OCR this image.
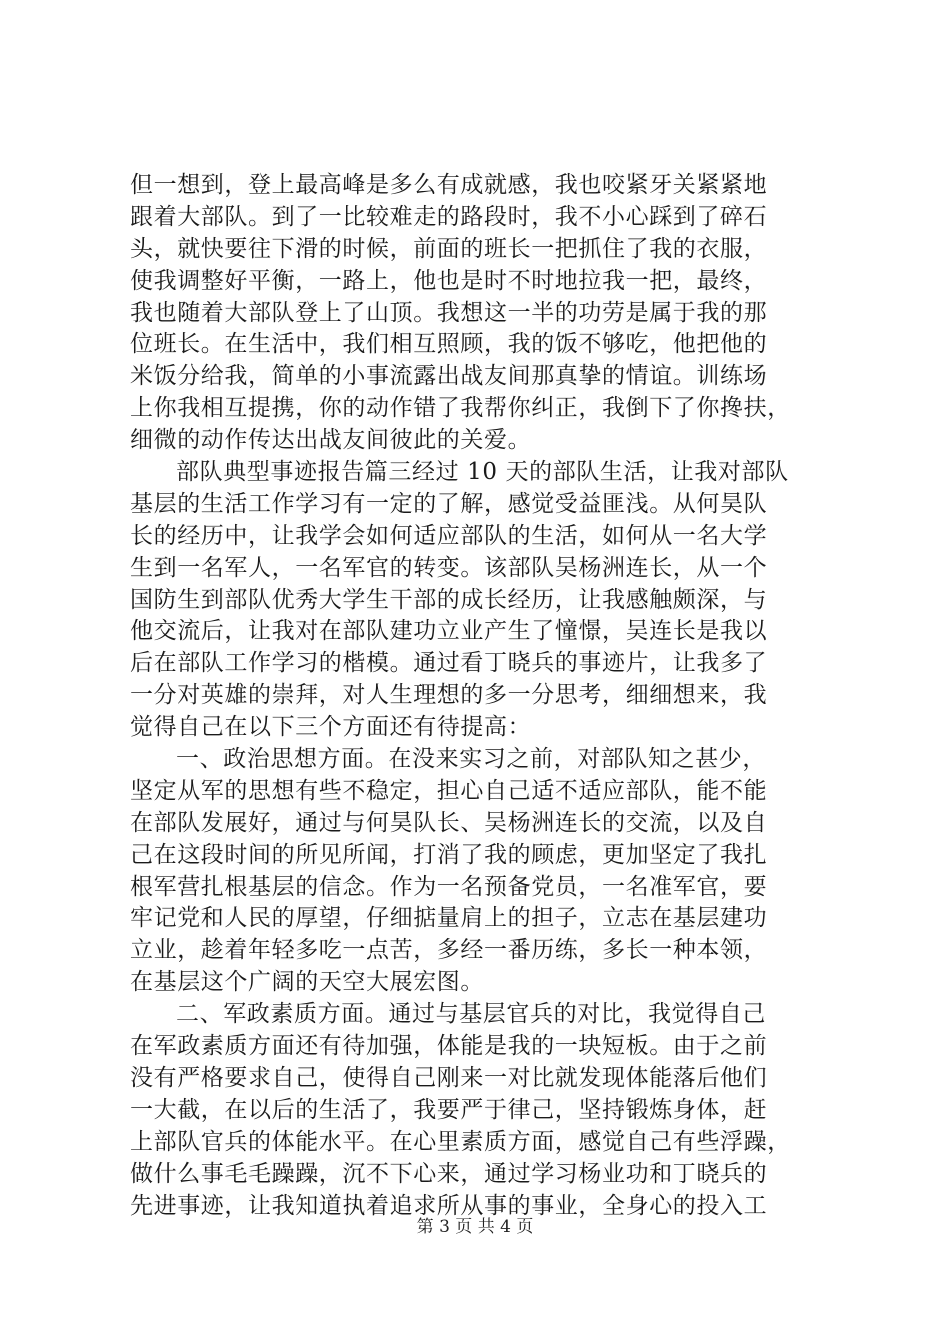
但一想到，登上最高峰是多么有成就感，我也咬紧牙关紧紧地
跟着大部队。到了一比较难走的路段时，我不小心踩到了碎石
头，就快要往下滑的时候，前面的班长一把抓住了我的衣服，
使我调整好平衡，一路上，他也是时不时地拉我一把，最终，
我也随着大部队登上了山顶。我想这一半的功劳是属于我的那
位班长。在生活中，我们相互照顾，我的饭不够吃，他把他的
米饭分给我，简单的小事流露出战友间那真挚的情谊。训练场
上你我相互提携，你的动作错了我帮你纠正，我倒下了你搀扶，
细微的动作传达出战友间彼此的关爱。
部队典型事迹报告篇三经过 10 天的部队生活，让我对部队
基层的生活工作学习有一定的了解，感觉受益匪浅。从何昊队
长的经历中，让我学会如何适应部队的生活，如何从一名大学
生到一名军人，一名军官的转变。该部队吴杨洲连长，从一个
国防生到部队优秀大学生干部的成长经历，让我感触颇深，与
他交流后，让我对在部队建功立业产生了憧憬，吴连长是我以
后在部队工作学习的楷模。通过看丁晓兵的事迹片，让我多了
一分对英雄的崇拜，对人生理想的多一分思考，细细想来，我
觉得自己在以下三个方面还有待提高：
一、政治思想方面。在没来实习之前，对部队知之甚少，
坚定从军的思想有些不稳定，担心自己适不适应部队，能不能
在部队发展好，通过与何昊队长、吴杨洲连长的交流，以及自
己在这段时间的所见所闻，打消了我的顾虑，更加坚定了我扎
根军营扎根基层的信念。作为一名预备党员，一名准军官，要
牢记党和人民的厚望，仔细掂量肩上的担子，立志在基层建功
立业，趁着年轻多吃一点苦，多经一番历练，多长一种本领，
在基层这个广阔的天空大展宏图。
二、军政素质方面。通过与基层官兵的对比，我觉得自己
在军政素质方面还有待加强，体能是我的一块短板。由于之前
没有严格要求自己，使得自己刚来一对比就发现体能落后他们
一大截，在以后的生活了，我要严于律己，坚持锻炼身体，赶
上部队官兵的体能水平。在心里素质方面，感觉自己有些浮躁，
做什么事毛毛躁躁，沉不下心来，通过学习杨业功和丁晓兵的
先进事迹，让我知道执着追求所从事的事业，全身心的投入工
第 3 页 共 4 页
